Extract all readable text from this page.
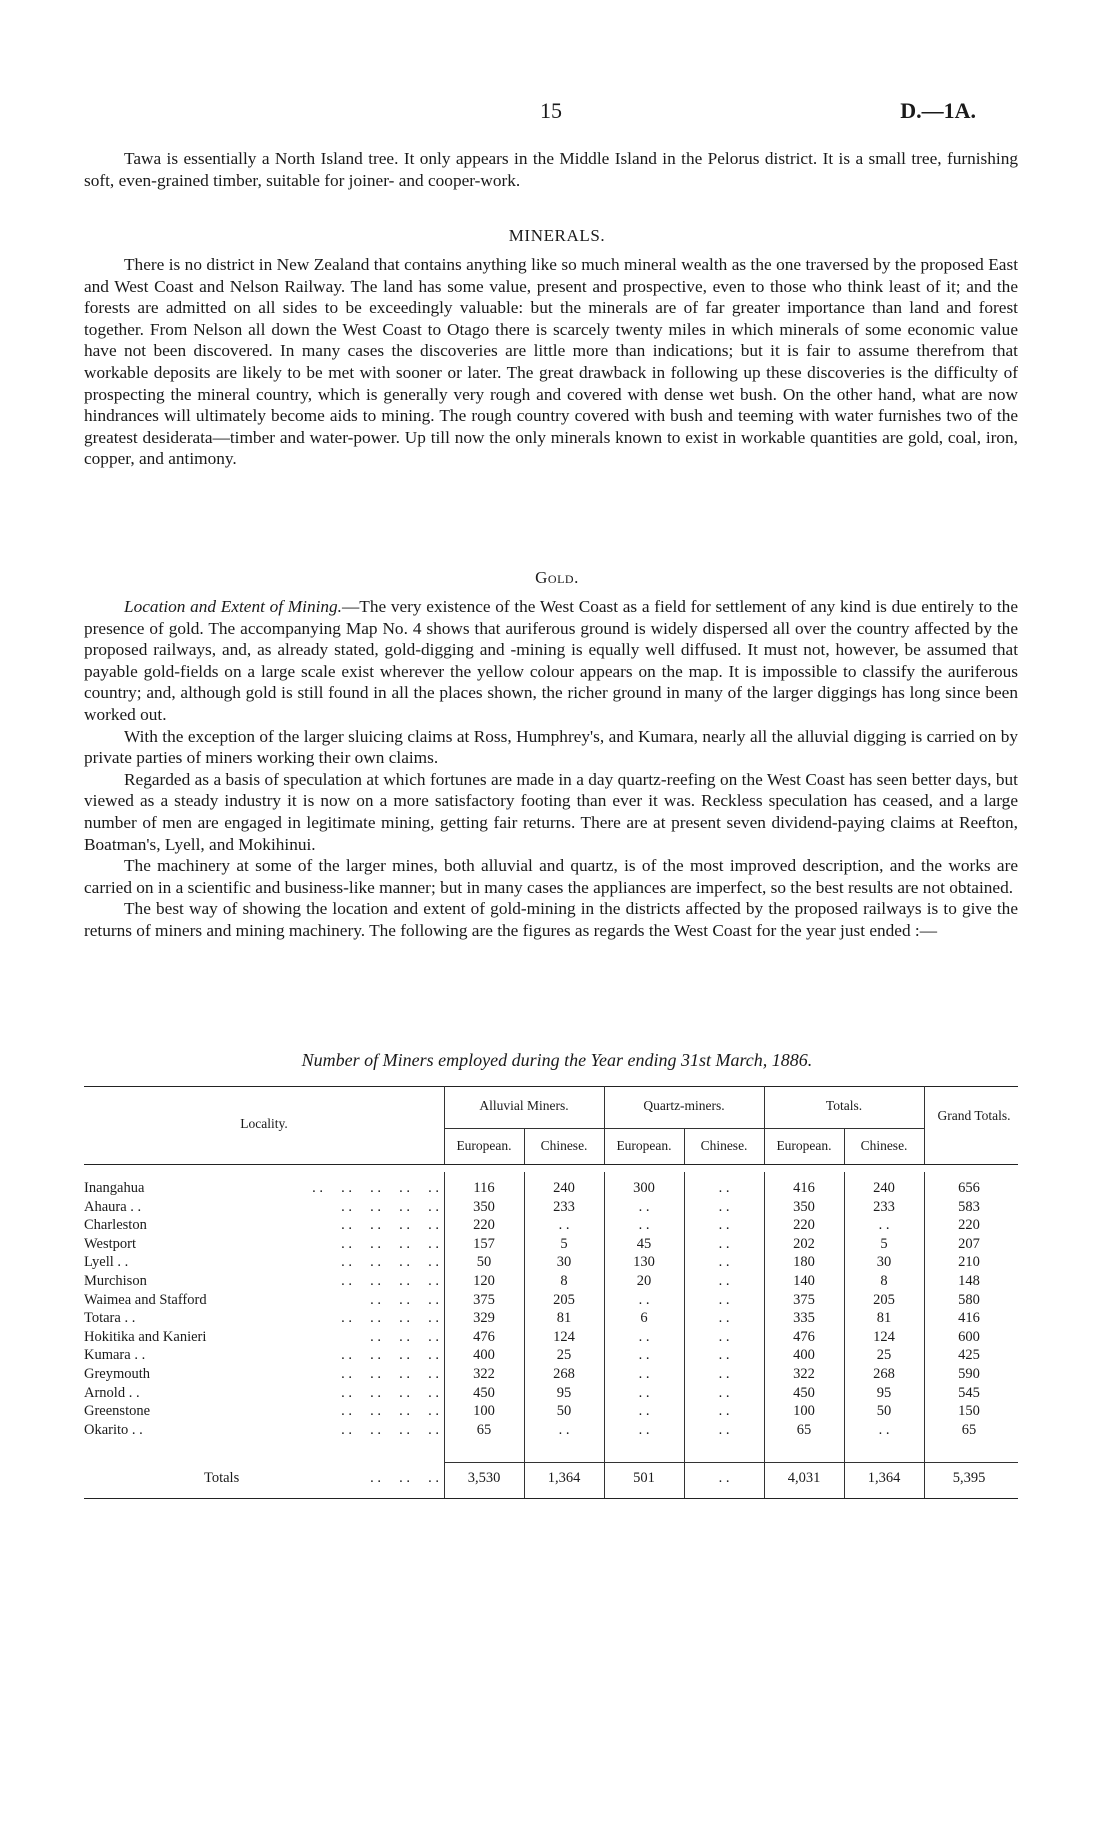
15	D.—1A.

Tawa is essentially a North Island tree. It only appears in the Middle Island in the Pelorus district. It is a small tree, furnishing soft, even-grained timber, suitable for joiner- and cooper-work.

MINERALS.

There is no district in New Zealand that contains anything like so much mineral wealth as the one traversed by the proposed East and West Coast and Nelson Railway. The land has some value, present and prospective, even to those who think least of it; and the forests are admitted on all sides to be exceedingly valuable: but the minerals are of far greater importance than land and forest together. From Nelson all down the West Coast to Otago there is scarcely twenty miles in which minerals of some economic value have not been discovered. In many cases the discoveries are little more than indications; but it is fair to assume therefrom that workable deposits are likely to be met with sooner or later. The great drawback in following up these discoveries is the difficulty of prospecting the mineral country, which is generally very rough and covered with dense wet bush. On the other hand, what are now hindrances will ultimately become aids to mining. The rough country covered with bush and teeming with water furnishes two of the greatest desiderata—timber and water-power. Up till now the only minerals known to exist in workable quantities are gold, coal, iron, copper, and antimony.

Gold.

Location and Extent of Mining.—The very existence of the West Coast as a field for settlement of any kind is due entirely to the presence of gold. The accompanying Map No. 4 shows that auriferous ground is widely dispersed all over the country affected by the proposed railways, and, as already stated, gold-digging and -mining is equally well diffused. It must not, however, be assumed that payable gold-fields on a large scale exist wherever the yellow colour appears on the map. It is impossible to classify the auriferous country; and, although gold is still found in all the places shown, the richer ground in many of the larger diggings has long since been worked out.

With the exception of the larger sluicing claims at Ross, Humphrey's, and Kumara, nearly all the alluvial digging is carried on by private parties of miners working their own claims.

Regarded as a basis of speculation at which fortunes are made in a day quartz-reefing on the West Coast has seen better days, but viewed as a steady industry it is now on a more satisfactory footing than ever it was. Reckless speculation has ceased, and a large number of men are engaged in legitimate mining, getting fair returns. There are at present seven dividend-paying claims at Reefton, Boatman's, Lyell, and Mokihinui.

The machinery at some of the larger mines, both alluvial and quartz, is of the most improved description, and the works are carried on in a scientific and business-like manner; but in many cases the appliances are imperfect, so the best results are not obtained.

The best way of showing the location and extent of gold-mining in the districts affected by the proposed railways is to give the returns of miners and mining machinery. The following are the figures as regards the West Coast for the year just ended :—

Number of Miners employed during the Year ending 31st March, 1886.
Locality.
Alluvial Miners.	Quartz-miners.	Totals.
Grand Totals.
European.	Chinese.	European.	Chinese.	European.	Chinese.
Inangahua	. .     . .     . .     . .     . .	116	240	300	. .	416	240	656
Ahaura . .	. .     . .     . .     . .	350	233	. .	. .	350	233	583
Charleston	. .     . .     . .     . .	220	. .	. .	. .	220	. .	220
Westport	. .     . .     . .     . .	157	5	45	. .	202	5	207
Lyell . .	. .     . .     . .     . .	50	30	130	. .	180	30	210
Murchison	. .     . .     . .     . .	120	8	20	. .	140	8	148
Waimea and Stafford	. .     . .     . .	375	205	. .	. .	375	205	580
Totara . .	. .     . .     . .     . .	329	81	6	. .	335	81	416
Hokitika and Kanieri	. .     . .     . .	476	124	. .	. .	476	124	600
Kumara . .	. .     . .     . .     . .	400	25	. .	. .	400	25	425
Greymouth	. .     . .     . .     . .	322	268	. .	. .	322	268	590
Arnold . .	. .     . .     . .     . .	450	95	. .	. .	450	95	545
Greenstone	. .     . .     . .     . .	100	50	. .	. .	100	50	150
Okarito . .	. .     . .     . .     . .	65	. .	. .	. .	65	. .	65
Totals	. .     . .     . .	3,530	1,364	501	. .	4,031	1,364	5,395
